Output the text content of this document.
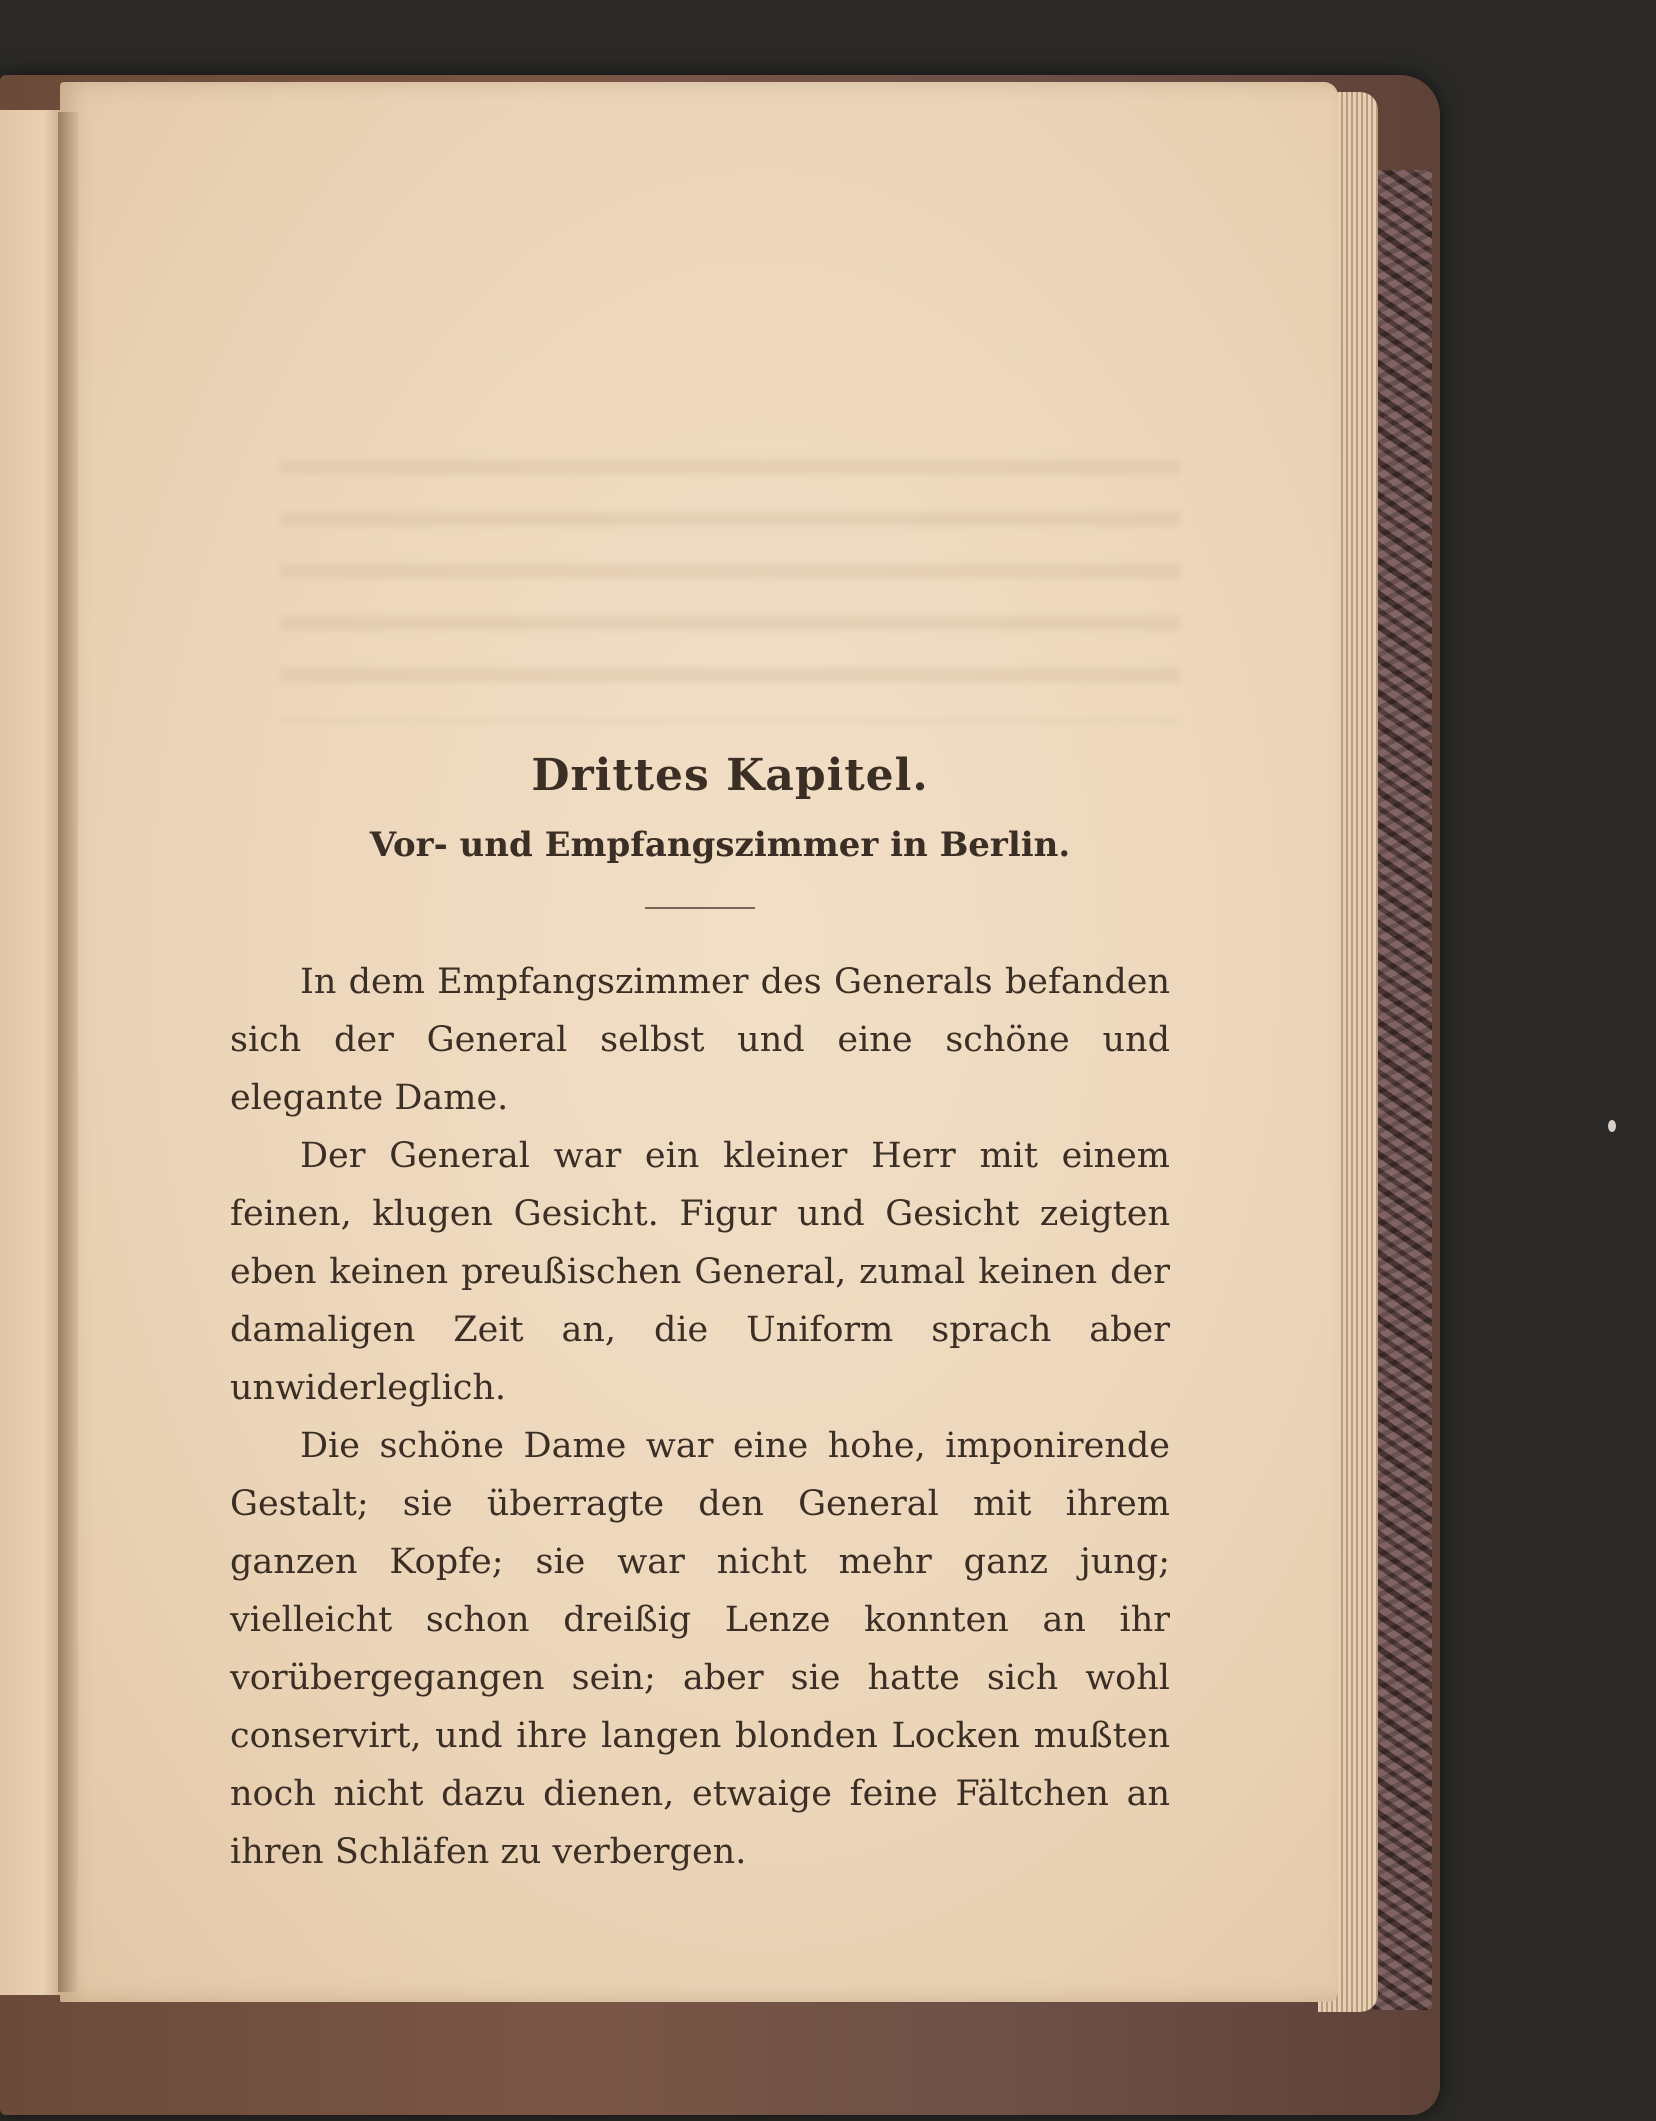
Drittes Kapitel.
Vor- und Empfangszimmer in Berlin.

In dem Empfangszimmer des Generals befanden sich der General selbst und eine schöne und elegante Dame.

Der General war ein kleiner Herr mit einem feinen, klugen Gesicht. Figur und Gesicht zeigten eben keinen preußischen General, zumal keinen der damaligen Zeit an, die Uniform sprach aber unwiderleglich.

Die schöne Dame war eine hohe, imponirende Gestalt; sie überragte den General mit ihrem ganzen Kopfe; sie war nicht mehr ganz jung; vielleicht schon dreißig Lenze konnten an ihr vorübergegangen sein; aber sie hatte sich wohl conservirt, und ihre langen blonden Locken mußten noch nicht dazu dienen, etwaige feine Fältchen an ihren Schläfen zu verbergen.
